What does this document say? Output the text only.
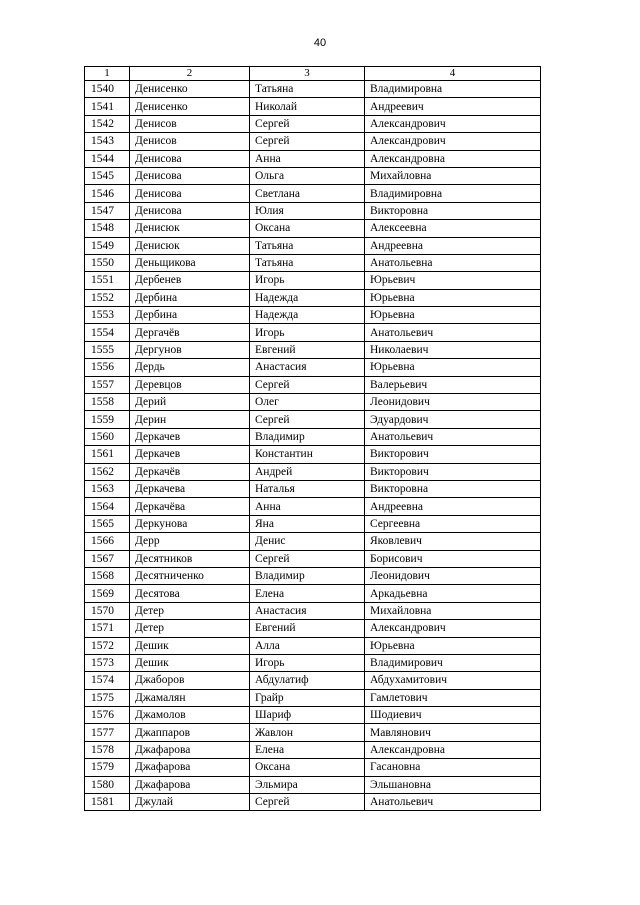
40
1	2	3	4
1540	Денисенко	Татьяна	Владимировна
1541	Денисенко	Николай	Андреевич
1542	Денисов	Сергей	Александрович
1543	Денисов	Сергей	Александрович
1544	Денисова	Анна	Александровна
1545	Денисова	Ольга	Михайловна
1546	Денисова	Светлана	Владимировна
1547	Денисова	Юлия	Викторовна
1548	Денисюк	Оксана	Алексеевна
1549	Денисюк	Татьяна	Андреевна
1550	Деньщикова	Татьяна	Анатольевна
1551	Дербенев	Игорь	Юрьевич
1552	Дербина	Надежда	Юрьевна
1553	Дербина	Надежда	Юрьевна
1554	Дергачёв	Игорь	Анатольевич
1555	Дергунов	Евгений	Николаевич
1556	Дердь	Анастасия	Юрьевна
1557	Деревцов	Сергей	Валерьевич
1558	Дерий	Олег	Леонидович
1559	Дерин	Сергей	Эдуардович
1560	Деркачев	Владимир	Анатольевич
1561	Деркачев	Константин	Викторович
1562	Деркачёв	Андрей	Викторович
1563	Деркачева	Наталья	Викторовна
1564	Деркачёва	Анна	Андреевна
1565	Деркунова	Яна	Сергеевна
1566	Дерр	Денис	Яковлевич
1567	Десятников	Сергей	Борисович
1568	Десятниченко	Владимир	Леонидович
1569	Десятова	Елена	Аркадьевна
1570	Детер	Анастасия	Михайловна
1571	Детер	Евгений	Александрович
1572	Дешик	Алла	Юрьевна
1573	Дешик	Игорь	Владимирович
1574	Джаборов	Абдулатиф	Абдухамитович
1575	Джамалян	Грайр	Гамлетович
1576	Джамолов	Шариф	Шодиевич
1577	Джаппаров	Жавлон	Мавлянович
1578	Джафарова	Елена	Александровна
1579	Джафарова	Оксана	Гасановна
1580	Джафарова	Эльмира	Эльшановна
1581	Джулай	Сергей	Анатольевич
